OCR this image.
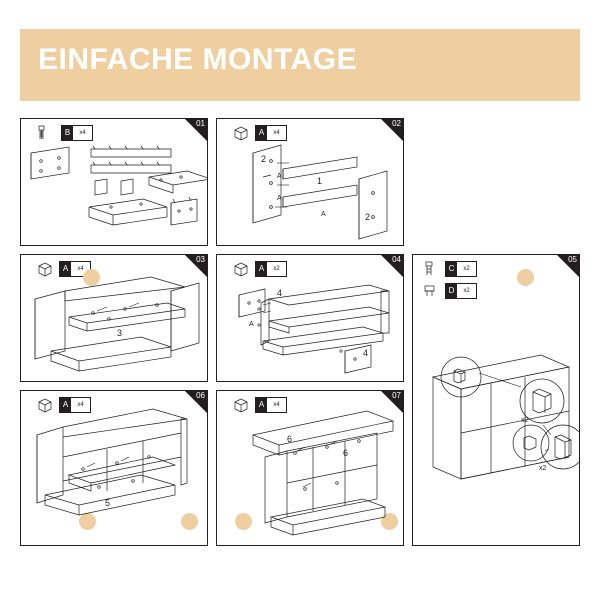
EINFACHE MONTAGE
01
B	x4
02
A	x4
2
1
2
A
A
A
03
A	x4
3
04
A	x2
4
4
A
05
C	x2
D	x2
x2
x2
06
A	x4
5
07
A	x4
6
6
